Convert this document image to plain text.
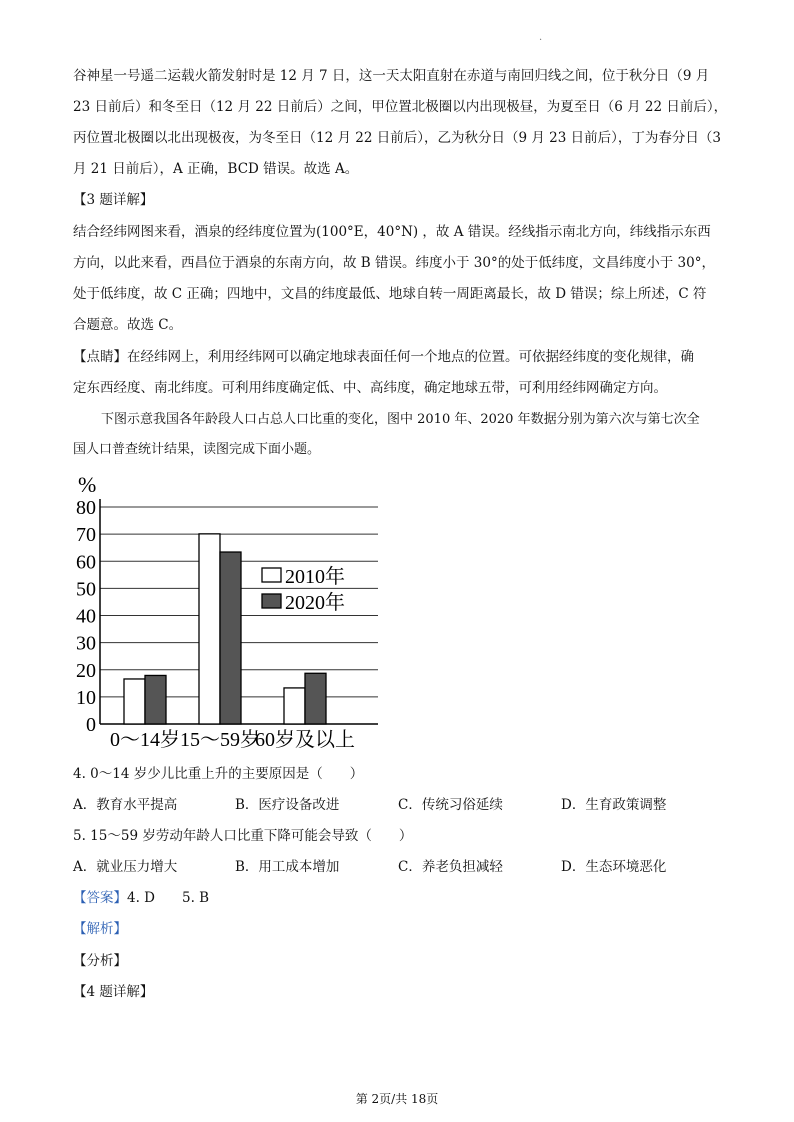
.
谷神星一号遥二运载火箭发射时是 12 月 7 日，这一天太阳直射在赤道与南回归线之间，位于秋分日（9 月
23 日前后）和冬至日（12 月 22 日前后）之间，甲位置北极圈以内出现极昼，为夏至日（6 月 22 日前后），
丙位置北极圈以北出现极夜，为冬至日（12 月 22 日前后），乙为秋分日（9 月 23 日前后），丁为春分日（3
月 21 日前后），A 正确，BCD 错误。故选 A。
【3 题详解】
结合经纬网图来看，酒泉的经纬度位置为(100°E，40°N) ，故 A 错误。经线指示南北方向，纬线指示东西
方向，以此来看，西昌位于酒泉的东南方向，故 B 错误。纬度小于 30°的处于低纬度，文昌纬度小于 30°，
处于低纬度，故 C 正确；四地中，文昌的纬度最低、地球自转一周距离最长，故 D 错误；综上所述，C 符
合题意。故选 C。
【点睛】在经纬网上，利用经纬网可以确定地球表面任何一个地点的位置。可依据经纬度的变化规律，确
定东西经度、南北纬度。可利用纬度确定低、中、高纬度，确定地球五带，可利用经纬网确定方向。
下图示意我国各年龄段人口占总人口比重的变化，图中 2010 年、2020 年数据分别为第六次与第七次全
国人口普查统计结果，读图完成下面小题。
0
10
20
30
40
50
60
70
80
%
0～14岁 15～59岁
60岁及以上
2010年
2020年
4. 0～14 岁少儿比重上升的主要原因是（　　）
A．教育水平提高	B．医疗设备改进	C．传统习俗延续	D．生育政策调整
5. 15～59 岁劳动年龄人口比重下降可能会导致（　　）
A．就业压力增大	B．用工成本增加	C．养老负担减轻	D．生态环境恶化
【答案】4. D　　5. B
【解析】
【分析】
【4 题详解】
第 2页/共 18页
